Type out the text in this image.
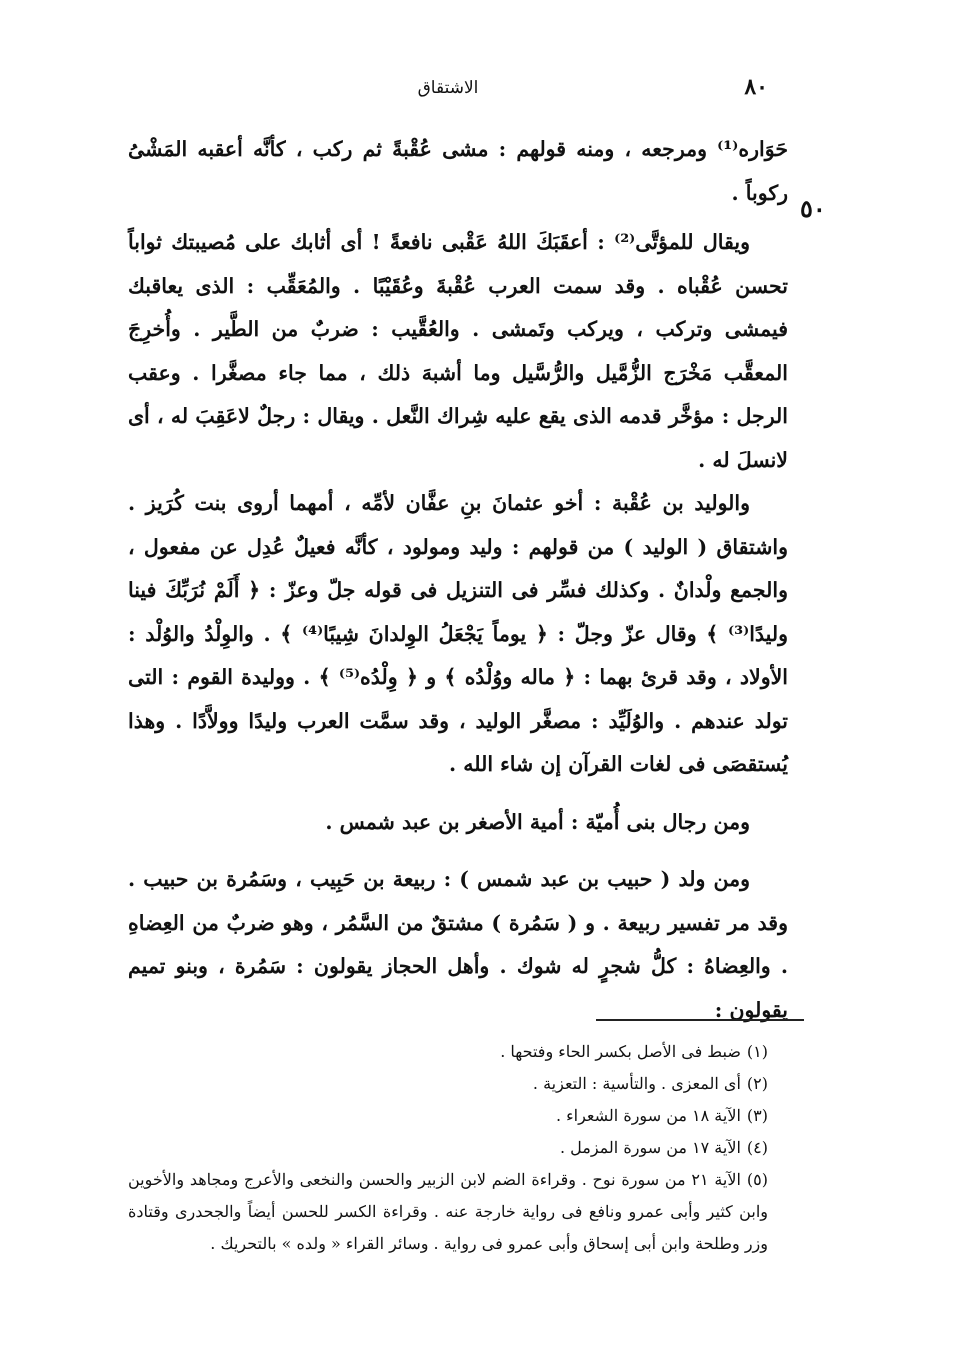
٨٠
الاشتقاق
٥٠

حَوَاره⁽¹⁾ ومرجعه ، ومنه قولهم : مشى عُقْبةً ثم ركب ، كأنَّه أعقبه المَشْىُ ركوباً .

ويقال للمؤتَّى⁽²⁾ : أعقَبَكَ اللهُ عَقْبى نافعةً ! أى أثابك على مُصيبتك ثواباً تحسن عُقْباه . وقد سمت العرب عُقْبةَ وعُقَيْبًا . والمُعَقِّب : الذى يعاقبك فيمشى وتركب ، ويركب وتَمشى . والعُقَّيب : ضربٌ من الطَّير . وأُخرِجَ المعقَّب مَخْرَج الزُّمَّيل والرُّسَّيل وما أشبهَ ذلك ، مما جاء مصغَّرا . وعقب الرجل : مؤخَّر قدمه الذى يقع عليه شِراك النَّعل . ويقال : رجلٌ لاعَقِبَ له ، أى لانسلَ له .

والوليد بن عُقْبة : أخو عثمانَ بنِ عفَّان لأمِّه ، أمهما أروى بنت كُرَيز . واشتقاق ( الوليد ) من قولهم : وليد ومولود ، كأنَّه فعيلٌ عُدِل عن مفعول ، والجمع ولْدانٌ . وكذلك فسِّر فى التنزيل فى قوله جلّ وعزّ : ﴿ أَلَمْ نُرَبِّكَ فينا وليدًا⁽³⁾ ﴾ وقال عزّ وجلّ : ﴿ يوماً يَجْعَلُ الوِلدانَ شِيبًا⁽⁴⁾ ﴾ . والوِلْدُ والوُلْد : الأولاد ، وقد قرئ بهما : ﴿ ماله ووُلْدُه ﴾ و ﴿ وِلْدُه⁽⁵⁾ ﴾ . ووليدة القوم : التى تولد عندهم . والوُلَيِّد : مصغَّر الوليد ، وقد سمَّت العرب وليدًا وولاَّدًا . وهذا يُستقصَى فى لغات القرآن إن شاء الله .

ومن رجال بنى أُميّة : أمية الأصغر بن عبد شمس .

ومن ولد ( حبيب بن عبد شمس ) : ربيعة بن حَبِيب ، وسَمُرة بن حبيب . وقد مر تفسير ربيعة . و ( سَمُرة ) مشتقٌ من السَّمُر ، وهو ضربٌ من العِضاهِ . والعِضاهُ : كلُّ شجرٍ له شوك . وأهل الحجاز يقولون : سَمُرة ، وبنو تميم يقولون :

(١)ضبط فى الأصل بكسر الحاء وفتحها .

(٢)أى المعزى . والتأسية : التعزية .

(٣)الآية ١٨ من سورة الشعراء .

(٤)الآية ١٧ من سورة المزمل .

(٥)الآية ٢١ من سورة نوح . وقراءة الضم لابن الزبير والحسن والنخعى والأعرج ومجاهد والأخوين وابن كثير وأبى عمرو ونافع فى رواية خارجة عنه . وقراءة الكسر للحسن أيضاً والجحدرى وقتادة وزر وطلحة وابن أبى إسحاق وأبى عمرو فى رواية . وسائر القراء « ولده » بالتحريك .
